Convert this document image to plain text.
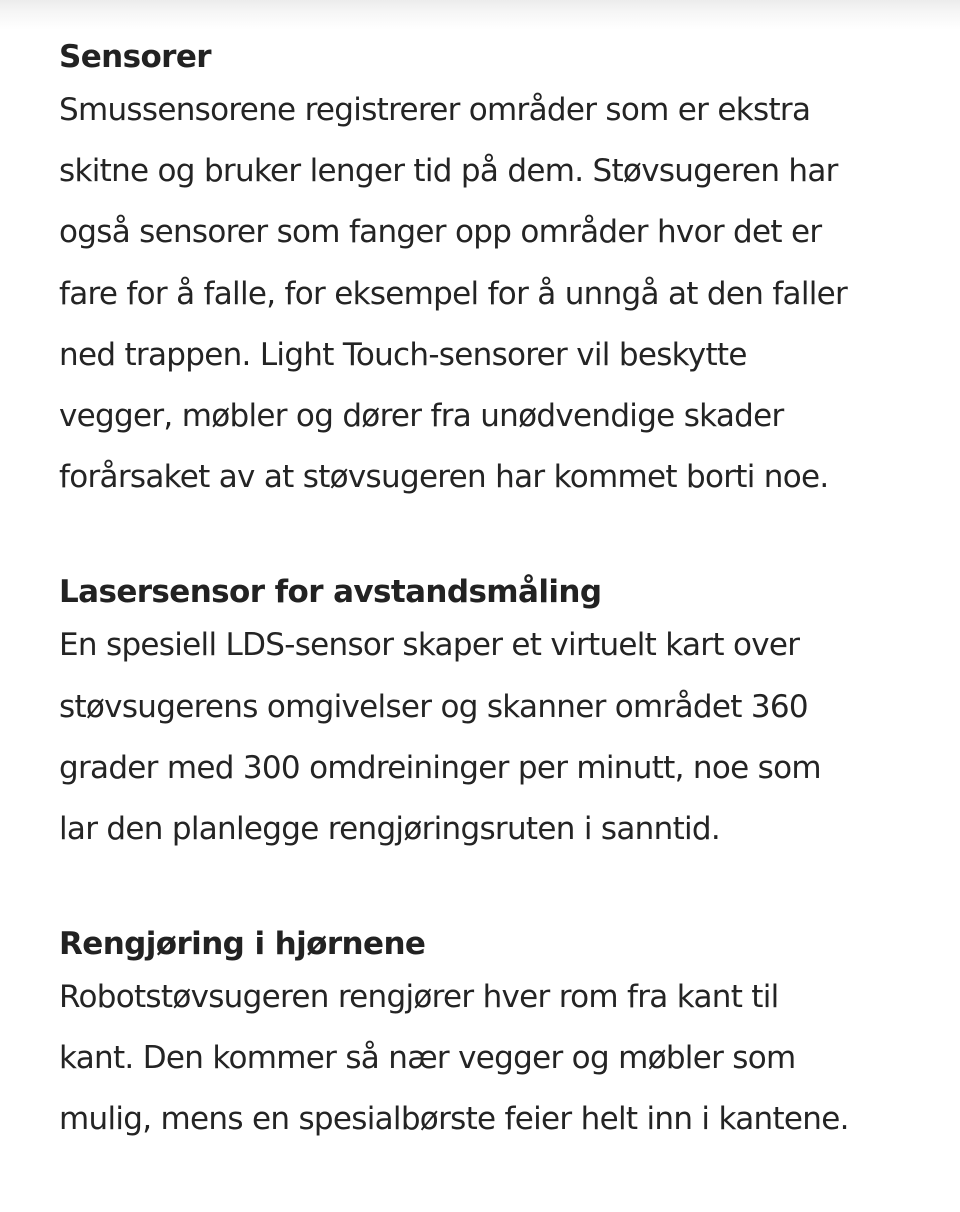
Sensorer

Smussensorene registrerer områder som er ekstra
skitne og bruker lenger tid på dem. Støvsugeren har
også sensorer som fanger opp områder hvor det er
fare for å falle, for eksempel for å unngå at den faller
ned trappen. Light Touch-sensorer vil beskytte
vegger, møbler og dører fra unødvendige skader
forårsaket av at støvsugeren har kommet borti noe.

Lasersensor for avstandsmåling

En spesiell LDS-sensor skaper et virtuelt kart over
støvsugerens omgivelser og skanner området 360
grader med 300 omdreininger per minutt, noe som
lar den planlegge rengjøringsruten i sanntid.

Rengjøring i hjørnene

Robotstøvsugeren rengjører hver rom fra kant til
kant. Den kommer så nær vegger og møbler som
mulig, mens en spesialbørste feier helt inn i kantene.
